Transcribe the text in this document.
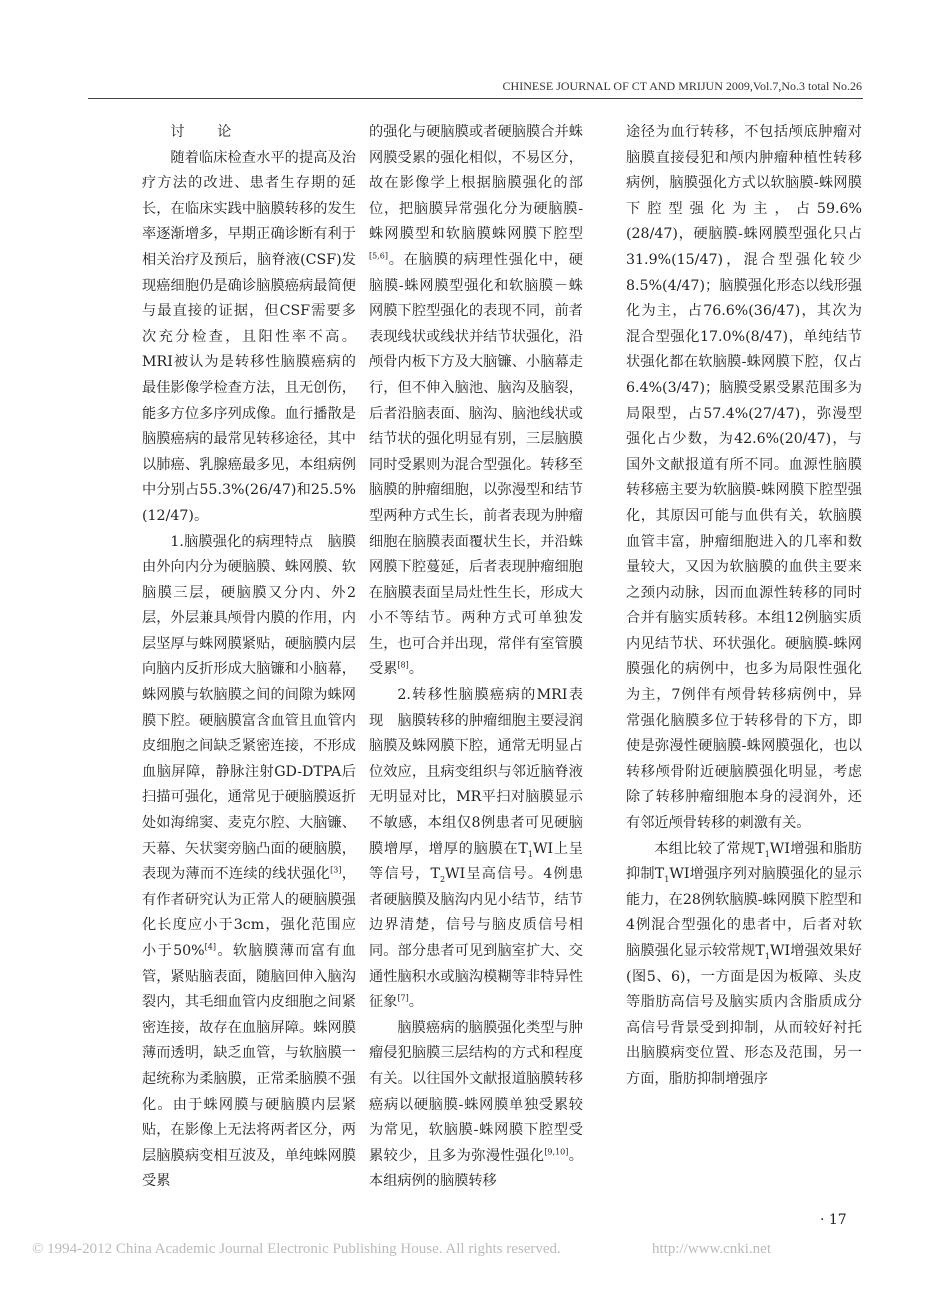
CHINESE JOURNAL OF CT AND MRIJUN 2009,Vol.7,No.3 total No.26

讨 论

随着临床检查水平的提高及治疗方法的改进、患者生存期的延长，在临床实践中脑膜转移的发生率逐渐增多，早期正确诊断有利于相关治疗及预后，脑脊液(CSF)发现癌细胞仍是确诊脑膜癌病最简便与最直接的证据，但CSF需要多次充分检查，且阳性率不高。MRI被认为是转移性脑膜癌病的最佳影像学检查方法，且无创伤，能多方位多序列成像。血行播散是脑膜癌病的最常见转移途径，其中以肺癌、乳腺癌最多见，本组病例中分别占55.3%(26/47)和25.5%(12/47)。

1.脑膜强化的病理特点　脑膜由外向内分为硬脑膜、蛛网膜、软脑膜三层，硬脑膜又分内、外2层，外层兼具颅骨内膜的作用，内层坚厚与蛛网膜紧贴，硬脑膜内层向脑内反折形成大脑镰和小脑幕，蛛网膜与软脑膜之间的间隙为蛛网膜下腔。硬脑膜富含血管且血管内皮细胞之间缺乏紧密连接，不形成血脑屏障，静脉注射GD-DTPA后扫描可强化，通常见于硬脑膜返折处如海绵窦、麦克尔腔、大脑镰、天幕、矢状窦旁脑凸面的硬脑膜，表现为薄而不连续的线状强化[3]，有作者研究认为正常人的硬脑膜强化长度应小于3cm，强化范围应小于50%[4]。软脑膜薄而富有血管，紧贴脑表面，随脑回伸入脑沟裂内，其毛细血管内皮细胞之间紧密连接，故存在血脑屏障。蛛网膜薄而透明，缺乏血管，与软脑膜一起统称为柔脑膜，正常柔脑膜不强化。由于蛛网膜与硬脑膜内层紧贴，在影像上无法将两者区分，两层脑膜病变相互波及，单纯蛛网膜受累

的强化与硬脑膜或者硬脑膜合并蛛网膜受累的强化相似，不易区分，故在影像学上根据脑膜强化的部位，把脑膜异常强化分为硬脑膜-蛛网膜型和软脑膜蛛网膜下腔型[5,6]。在脑膜的病理性强化中，硬脑膜-蛛网膜型强化和软脑膜－蛛网膜下腔型强化的表现不同，前者表现线状或线状并结节状强化，沿颅骨内板下方及大脑镰、小脑幕走行，但不伸入脑池、脑沟及脑裂，后者沿脑表面、脑沟、脑池线状或结节状的强化明显有别，三层脑膜同时受累则为混合型强化。转移至脑膜的肿瘤细胞，以弥漫型和结节型两种方式生长，前者表现为肿瘤细胞在脑膜表面覆状生长，并沿蛛网膜下腔蔓延，后者表现肿瘤细胞在脑膜表面呈局灶性生长，形成大小不等结节。两种方式可单独发生，也可合并出现，常伴有室管膜受累[8]。

2.转移性脑膜癌病的MRI表现　脑膜转移的肿瘤细胞主要浸润脑膜及蛛网膜下腔，通常无明显占位效应，且病变组织与邻近脑脊液无明显对比，MR平扫对脑膜显示不敏感，本组仅8例患者可见硬脑膜增厚，增厚的脑膜在$T_1WI$上呈等信号，$T_2WI$呈高信号。4例患者硬脑膜及脑沟内见小结节，结节边界清楚，信号与脑皮质信号相同。部分患者可见到脑室扩大、交通性脑积水或脑沟模糊等非特异性征象[7]。

脑膜癌病的脑膜强化类型与肿瘤侵犯脑膜三层结构的方式和程度有关。以往国外文献报道脑膜转移癌病以硬脑膜-蛛网膜单独受累较为常见，软脑膜-蛛网膜下腔型受累较少，且多为弥漫性强化[9,10]。本组病例的脑膜转移

途径为血行转移，不包括颅底肿瘤对脑膜直接侵犯和颅内肿瘤种植性转移病例，脑膜强化方式以软脑膜-蛛网膜下腔型强化为主，占59.6%(28/47)，硬脑膜-蛛网膜型强化只占31.9%(15/47)，混合型强化较少8.5%(4/47)；脑膜强化形态以线形强化为主，占76.6%(36/47)，其次为混合型强化17.0%(8/47)，单纯结节状强化都在软脑膜-蛛网膜下腔，仅占6.4%(3/47)；脑膜受累受累范围多为局限型，占57.4%(27/47)，弥漫型强化占少数，为42.6%(20/47)，与国外文献报道有所不同。血源性脑膜转移癌主要为软脑膜-蛛网膜下腔型强化，其原因可能与血供有关，软脑膜血管丰富，肿瘤细胞进入的几率和数量较大，又因为软脑膜的血供主要来之颈内动脉，因而血源性转移的同时合并有脑实质转移。本组12例脑实质内见结节状、环状强化。硬脑膜-蛛网膜强化的病例中，也多为局限性强化为主，7例伴有颅骨转移病例中，异常强化脑膜多位于转移骨的下方，即使是弥漫性硬脑膜-蛛网膜强化，也以转移颅骨附近硬脑膜强化明显，考虑除了转移肿瘤细胞本身的浸润外，还有邻近颅骨转移的刺激有关。

本组比较了常规$T_1WI$增强和脂肪抑制$T_1WI$增强序列对脑膜强化的显示能力，在28例软脑膜-蛛网膜下腔型和4例混合型强化的患者中，后者对软脑膜强化显示较常规$T_1WI$增强效果好(图5、6)，一方面是因为板障、头皮等脂肪高信号及脑实质内含脂质成分高信号背景受到抑制，从而较好衬托出脑膜病变位置、形态及范围，另一方面，脂肪抑制增强序

· 17
© 1994-2012 China Academic Journal Electronic Publishing House. All rights reserved.	http://www.cnki.net
